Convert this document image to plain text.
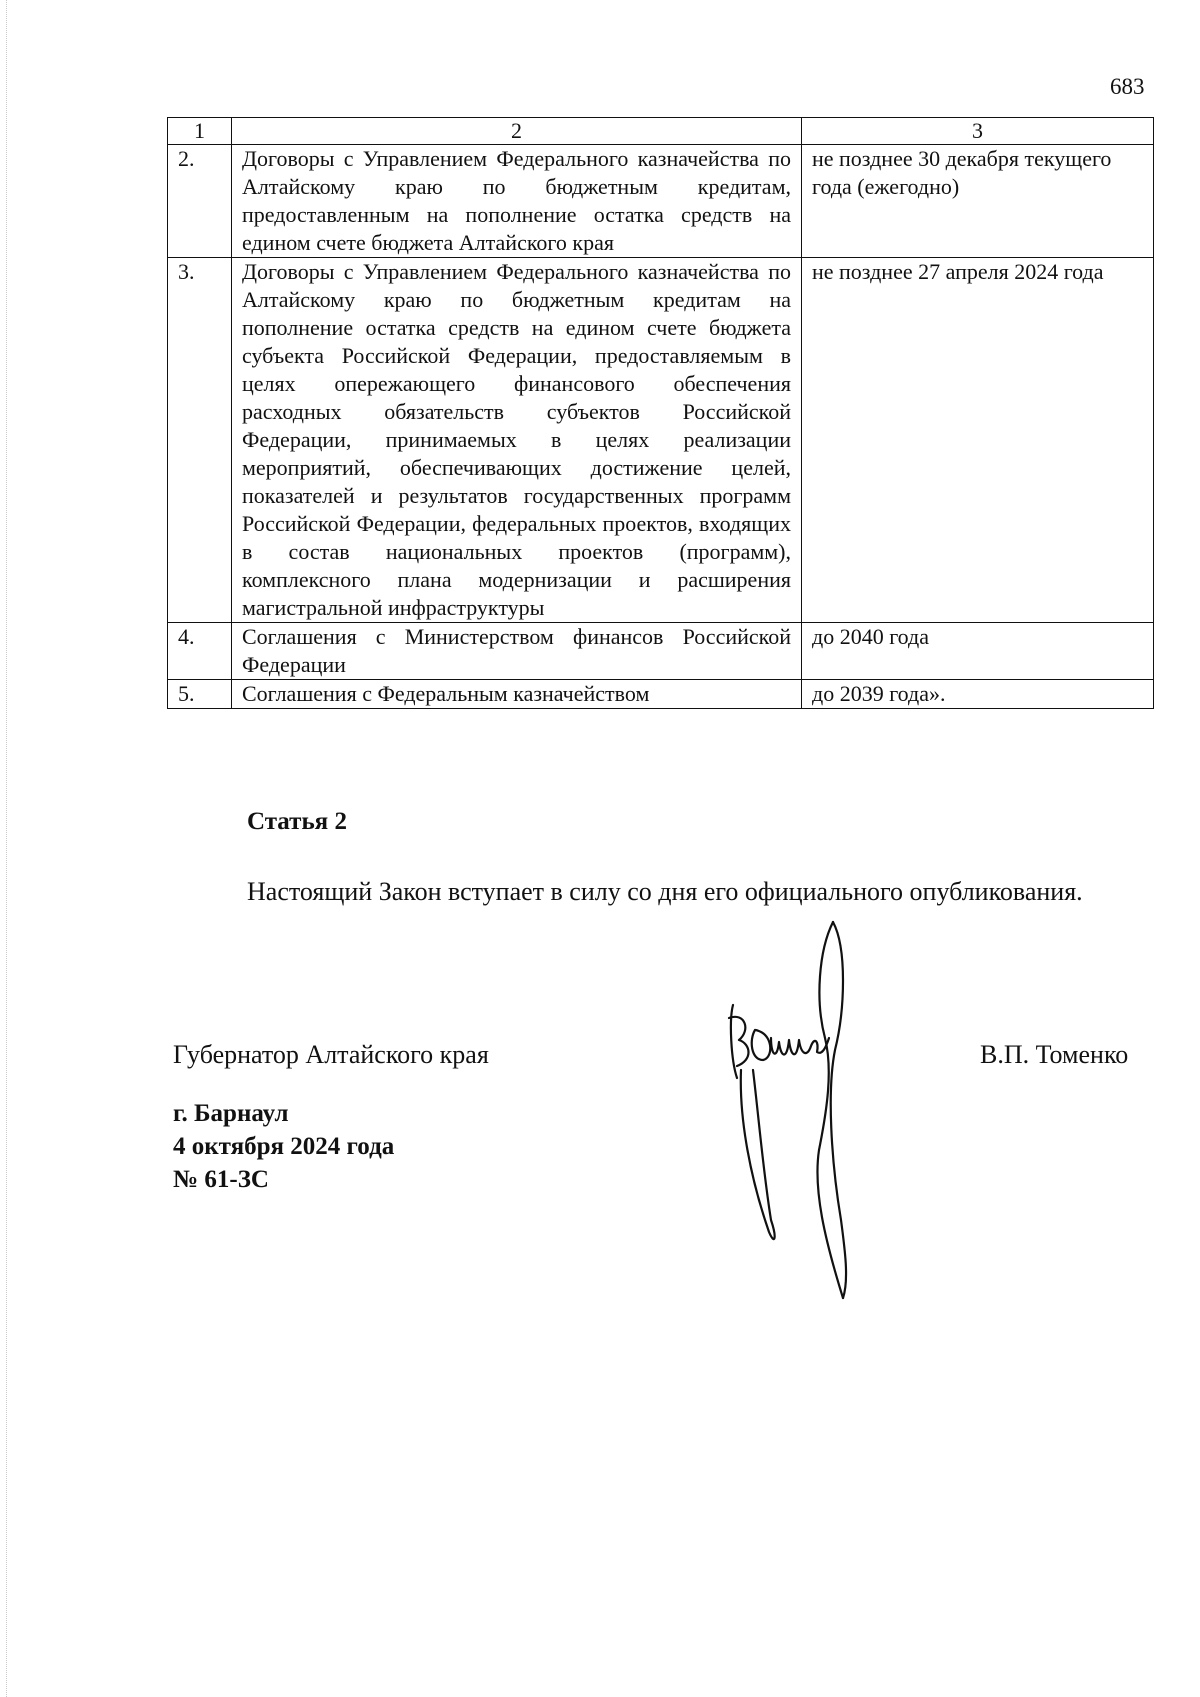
683
1	2	3
2.	Договоры с Управлением Федерального казначейства по Алтайскому краю по бюджетным кредитам, предоставленным на пополнение остатка средств на едином счете бюджета Алтайского края	не позднее 30 декабря текущего года (ежегодно)
3.	Договоры с Управлением Федерального казначейства по Алтайскому краю по бюджетным кредитам на пополнение остатка средств на едином счете бюджета субъекта Российской Федерации, предоставляемым в целях опережающего финансового обеспечения расходных обязательств субъектов Российской Федерации, принимаемых в целях реализации мероприятий, обеспечивающих достижение целей, показателей и результатов государственных программ Российской Федерации, федеральных проектов, входящих в состав национальных проектов (программ), комплексного плана модернизации и расширения магистральной инфраструктуры	не позднее 27 апреля 2024 года
4.	Соглашения с Министерством финансов Российской Федерации	до 2040 года
5.	Соглашения с Федеральным казначейством	до 2039 года».
Статья 2
Настоящий Закон вступает в силу со дня его официального опубликования.
Губернатор Алтайского края	В.П. Томенко
г. Барнаул
4 октября 2024 года
№ 61-ЗС
